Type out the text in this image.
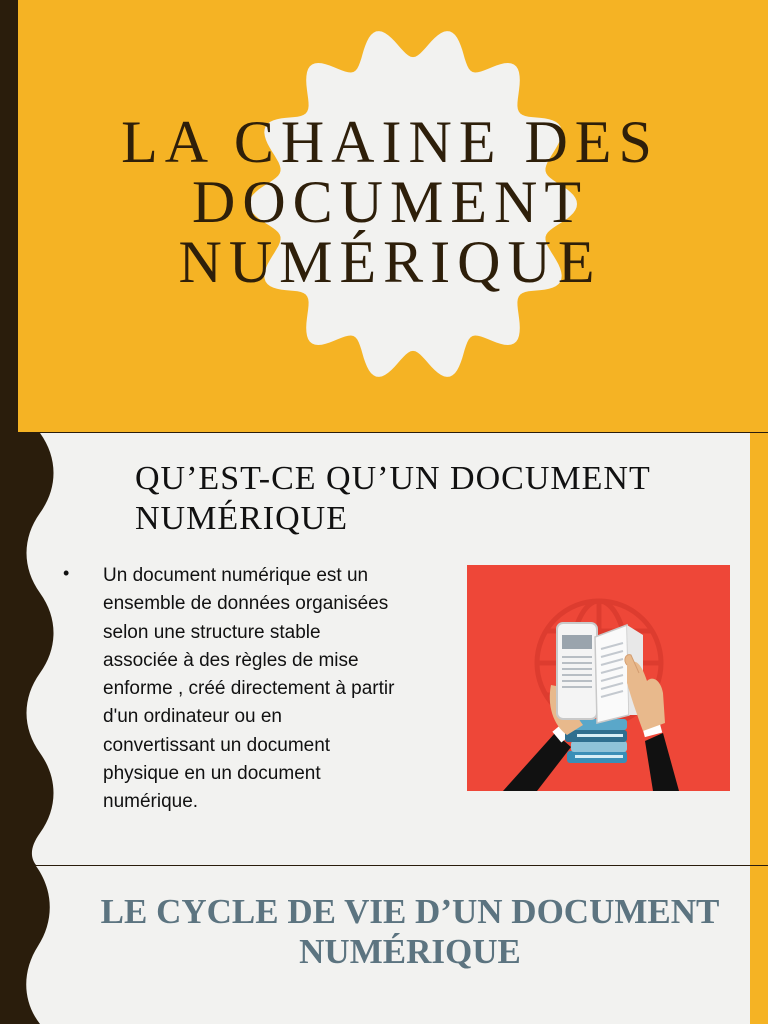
LA CHAINE DES
DOCUMENT
NUMÉRIQUE
QU’EST-CE QU’UN DOCUMENT
NUMÉRIQUE
• Un document numérique est un
ensemble de données organisées
selon une structure stable
associée à des règles de mise
enforme , créé directement à partir
d'un ordinateur ou en
convertissant un document
physique en un document
numérique.
LE CYCLE DE VIE D’UN DOCUMENT
NUMÉRIQUE
